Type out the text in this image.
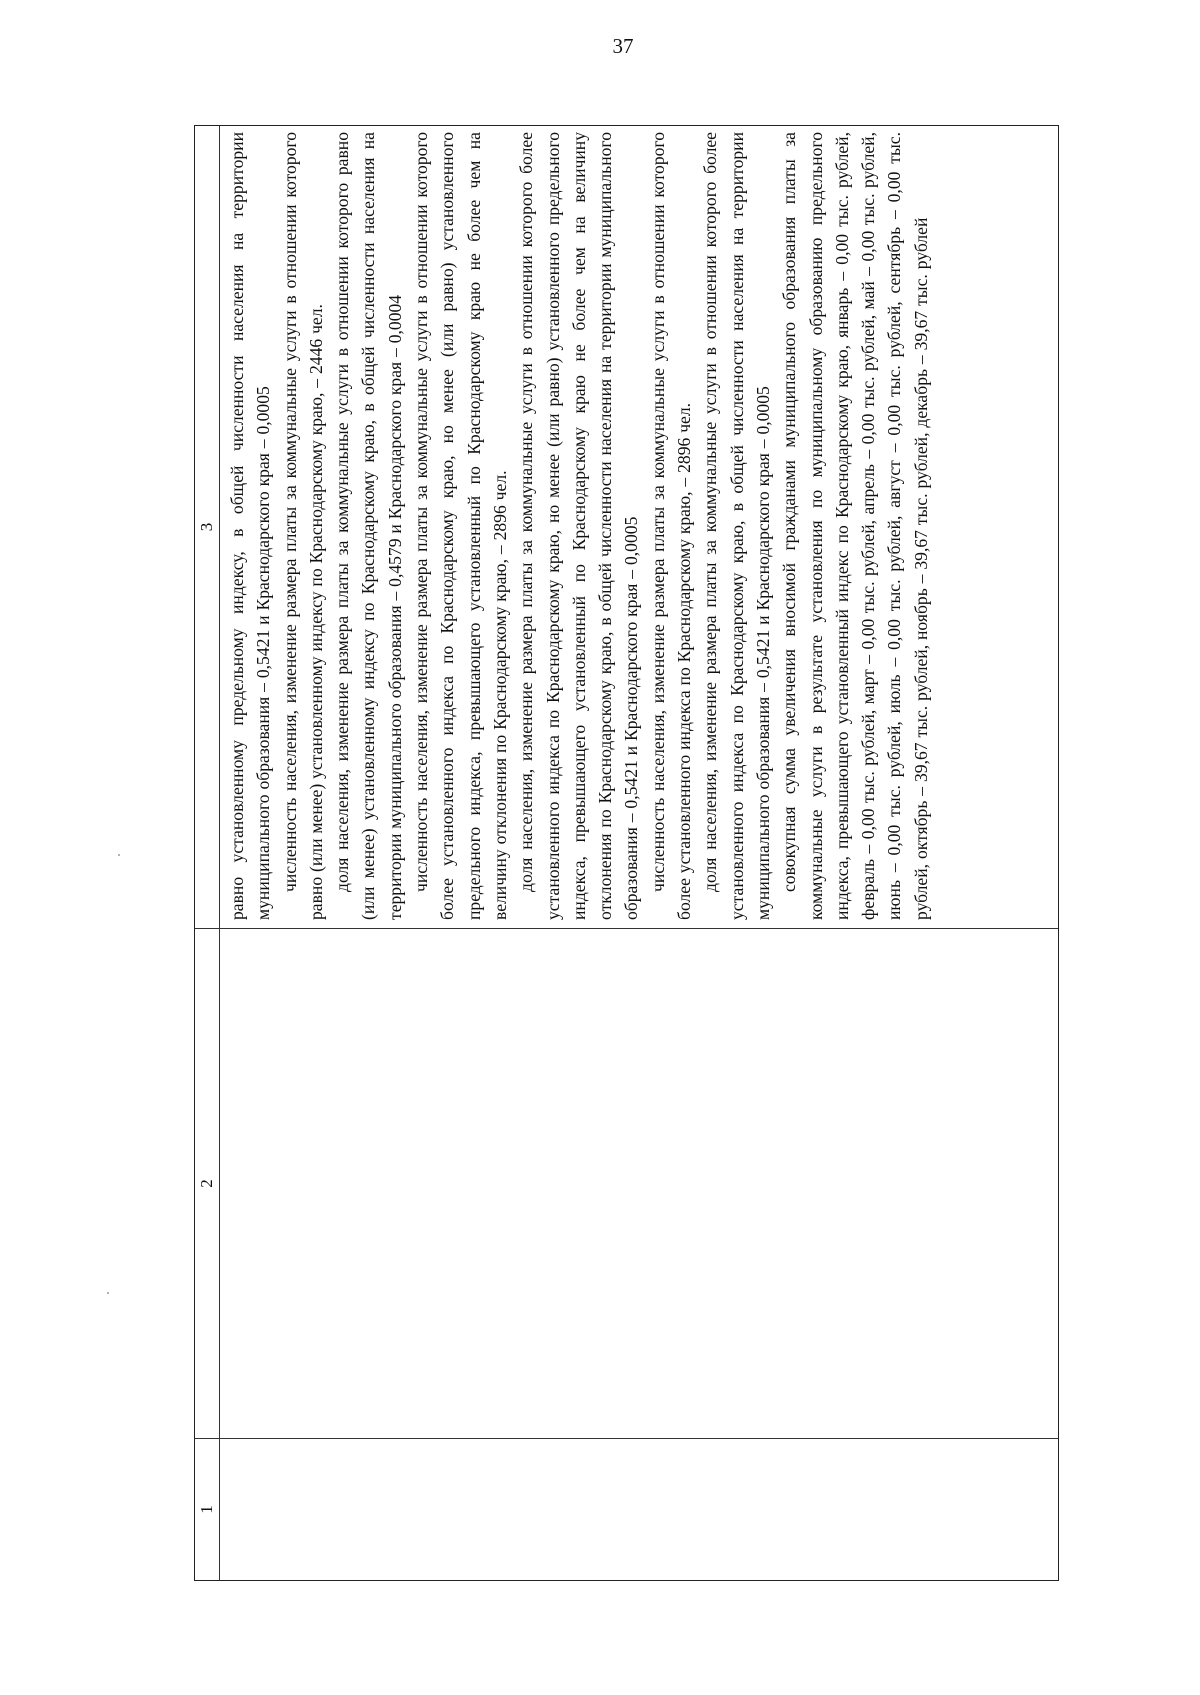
37
1
2
3 равно установленному предельному индексу, в общей численности населения на территории муниципального образования – 0,5421 и Краснодарского края – 0,0005 численность населения, изменение размера платы за коммунальные услуги в отношении которого равно (или менее) установленному индексу по Краснодарскому краю, – 2446 чел. доля населения, изменение размера платы за коммунальные услуги в отношении которого равно (или менее) установленному индексу по Краснодарскому краю, в общей численности населения на территории муниципального образования – 0,4579 и Краснодарского края – 0,0004 численность населения, изменение размера платы за коммунальные услуги в отношении которого более установленного индекса по Краснодарскому краю, но менее (или равно) установленного предельного индекса, превышающего установленный по Краснодарскому краю не более чем на величину отклонения по Краснодарскому краю, – 2896 чел. доля населения, изменение размера платы за коммунальные услуги в отношении которого более установленного индекса по Краснодарскому краю, но менее (или равно) установленного предельного индекса, превышающего установленный по Краснодарскому краю не более чем на величину отклонения по Краснодарскому краю, в общей численности населения на территории муниципального образования – 0,5421 и Краснодарского края – 0,0005 численность населения, изменение размера платы за коммунальные услуги в отношении которого более установленного индекса по Краснодарскому краю, – 2896 чел. доля населения, изменение размера платы за коммунальные услуги в отношении которого более установленного индекса по Краснодарскому краю, в общей численности населения на территории муниципального образования – 0,5421 и Краснодарского края – 0,0005 совокупная сумма увеличения вносимой гражданами муниципального образования платы за коммунальные услуги в результате установления по муниципальному образованию предельного индекса, превышающего установленный индекс по Краснодарскому краю, январь – 0,00 тыс. рублей, февраль – 0,00 тыс. рублей, март – 0,00 тыс. рублей, апрель – 0,00 тыс. рублей, май – 0,00 тыс. рублей, июнь – 0,00 тыс. рублей, июль – 0,00 тыс. рублей, август – 0,00 тыс. рублей, сентябрь – 0,00 тыс. рублей, октябрь – 39,67 тыс. рублей, ноябрь – 39,67 тыс. рублей, декабрь – 39,67 тыс. рублей
